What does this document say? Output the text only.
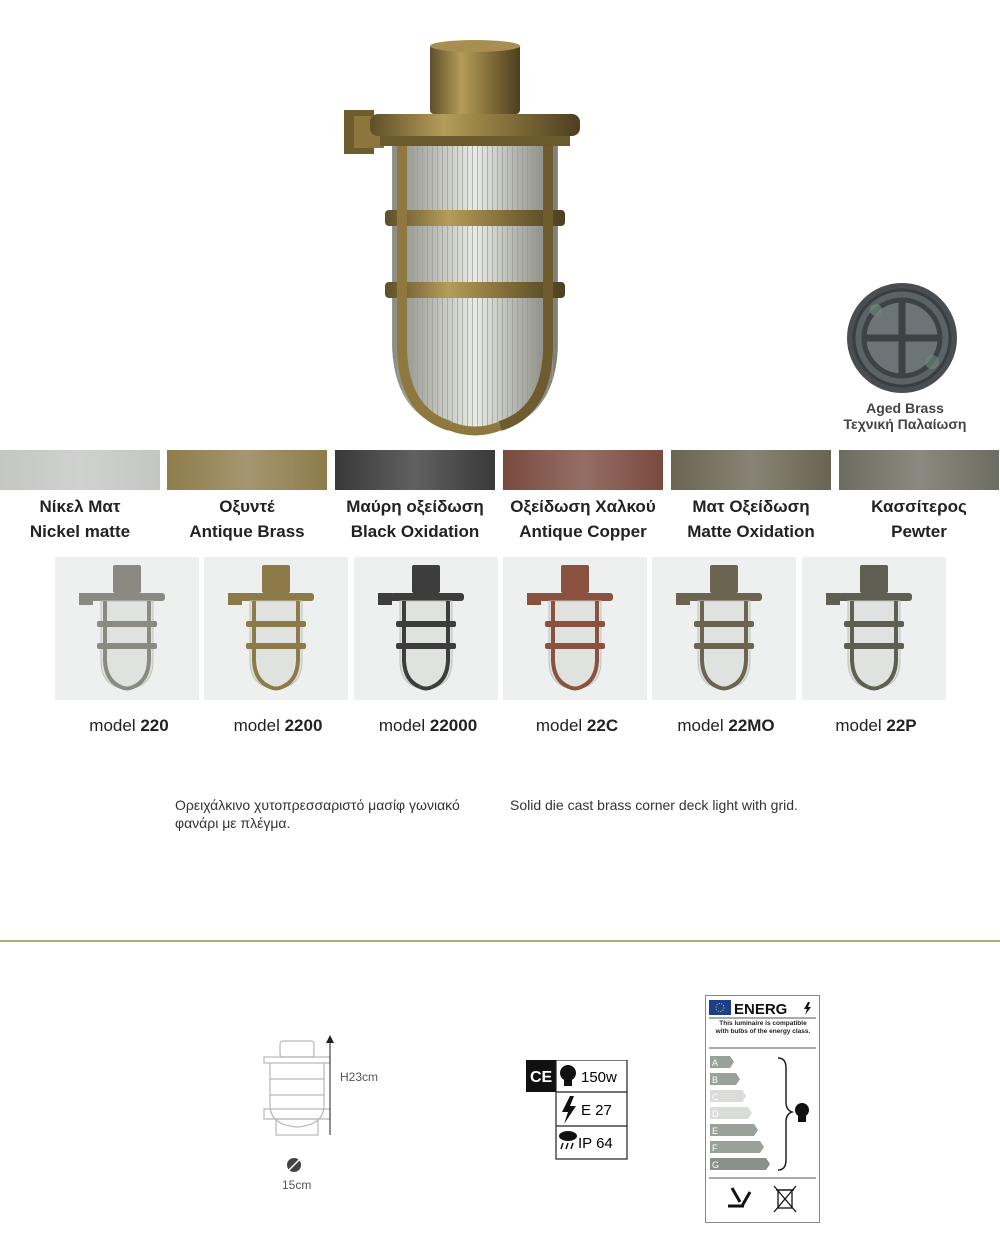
Aged Brass
Τεχνική Παλαίωση
Νίκελ Ματ
Nickel matte
Οξυντέ
Antique Brass
Μαύρη οξείδωση
Black Oxidation
Οξείδωση Χαλκού
Antique Copper
Ματ Οξείδωση
Matte Oxidation
Κασσίτερος
Pewter
model 220	model 2200	model 22000	model 22C	model 22MO	model 22P
Ορειχάλκινο χυτοπρεσσαριστό μασίφ γωνιακό φανάρι με πλέγμα.
Solid die cast brass corner deck light with grid.
H23cm
15cm
CE 150w
E 27
IP 64
ENERG
This luminaire is compatible with bulbs of the energy class.
A
B
C
D
E
F
G
